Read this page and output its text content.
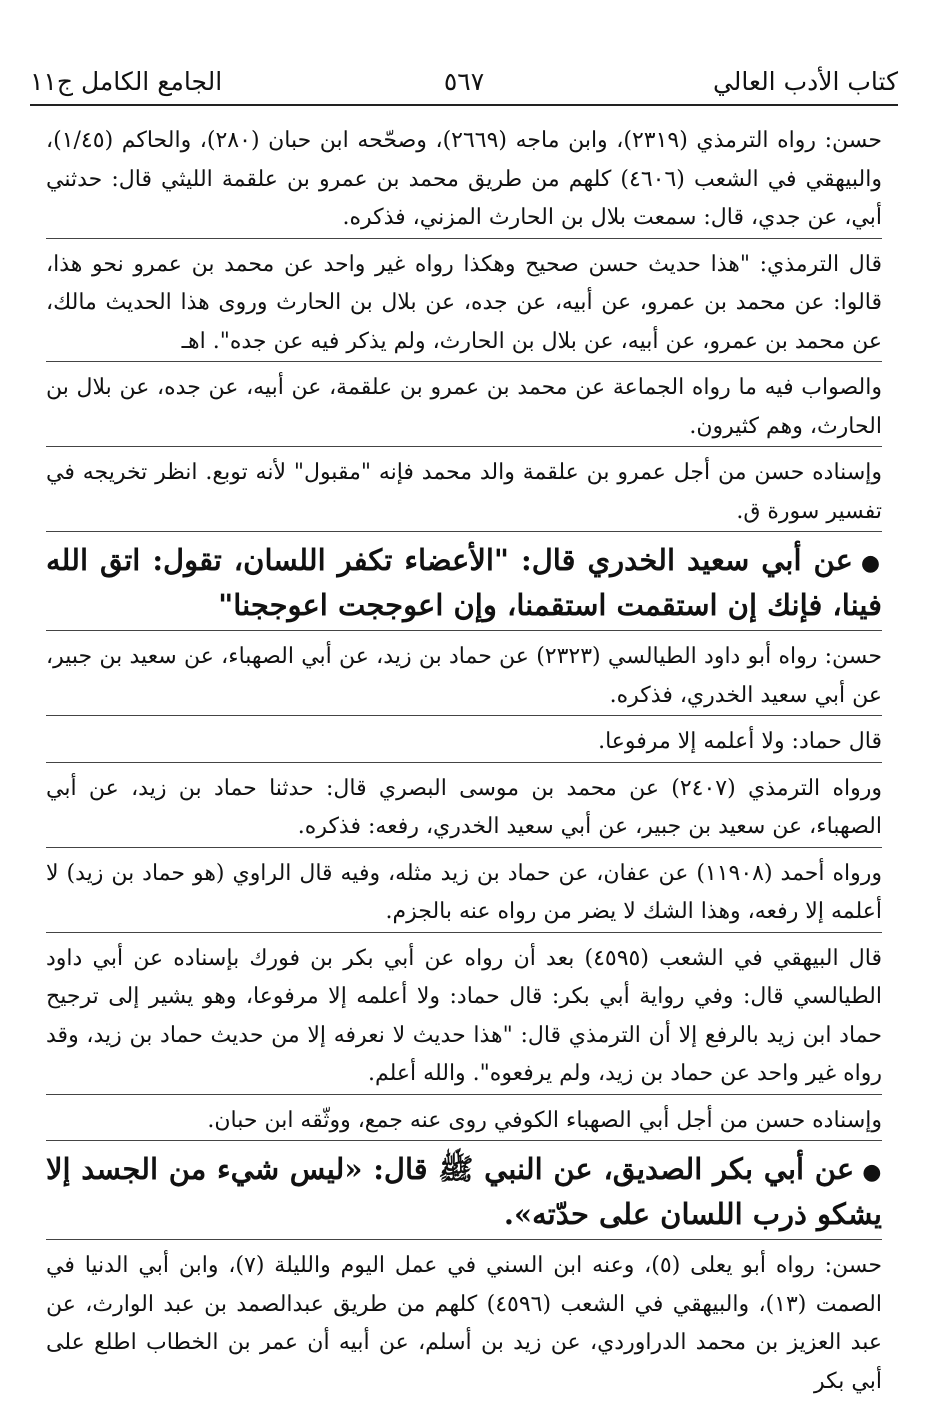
كتاب الأدب العالي
٥٦٧
الجامع الكامل ج١١

حسن: رواه الترمذي (٢٣١٩)، وابن ماجه (٢٦٦٩)، وصحّحه ابن حبان (٢٨٠)، والحاكم (١/٤٥)، والبيهقي في الشعب (٤٦٠٦) كلهم من طريق محمد بن عمرو بن علقمة الليثي قال: حدثني أبي، عن جدي، قال: سمعت بلال بن الحارث المزني، فذكره.

قال الترمذي: "هذا حديث حسن صحيح وهكذا رواه غير واحد عن محمد بن عمرو نحو هذا، قالوا: عن محمد بن عمرو، عن أبيه، عن جده، عن بلال بن الحارث وروى هذا الحديث مالك، عن محمد بن عمرو، عن أبيه، عن بلال بن الحارث، ولم يذكر فيه عن جده". اهـ

والصواب فيه ما رواه الجماعة عن محمد بن عمرو بن علقمة، عن أبيه، عن جده، عن بلال بن الحارث، وهم كثيرون.

وإسناده حسن من أجل عمرو بن علقمة والد محمد فإنه "مقبول" لأنه توبع. انظر تخريجه في تفسير سورة ق.

●عن أبي سعيد الخدري قال: "الأعضاء تكفر اللسان، تقول: اتق الله فينا، فإنك إن استقمت استقمنا، وإن اعوججت اعوججنا"

حسن: رواه أبو داود الطيالسي (٢٣٢٣) عن حماد بن زيد، عن أبي الصهباء، عن سعيد بن جبير، عن أبي سعيد الخدري، فذكره.

قال حماد: ولا أعلمه إلا مرفوعا.

ورواه الترمذي (٢٤٠٧) عن محمد بن موسى البصري قال: حدثنا حماد بن زيد، عن أبي الصهباء، عن سعيد بن جبير، عن أبي سعيد الخدري، رفعه: فذكره.

ورواه أحمد (١١٩٠٨) عن عفان، عن حماد بن زيد مثله، وفيه قال الراوي (هو حماد بن زيد) لا أعلمه إلا رفعه، وهذا الشك لا يضر من رواه عنه بالجزم.

قال البيهقي في الشعب (٤٥٩٥) بعد أن رواه عن أبي بكر بن فورك بإسناده عن أبي داود الطيالسي قال: وفي رواية أبي بكر: قال حماد: ولا أعلمه إلا مرفوعا، وهو يشير إلى ترجيح حماد ابن زيد بالرفع إلا أن الترمذي قال: "هذا حديث لا نعرفه إلا من حديث حماد بن زيد، وقد رواه غير واحد عن حماد بن زيد، ولم يرفعوه". والله أعلم.

وإسناده حسن من أجل أبي الصهباء الكوفي روى عنه جمع، ووثّقه ابن حبان.

●عن أبي بكر الصديق، عن النبي ﷺ قال: «ليس شيء من الجسد إلا يشكو ذرب اللسان على حدّته».

حسن: رواه أبو يعلى (٥)، وعنه ابن السني في عمل اليوم والليلة (٧)، وابن أبي الدنيا في الصمت (١٣)، والبيهقي في الشعب (٤٥٩٦) كلهم من طريق عبدالصمد بن عبد الوارث، عن عبد العزيز بن محمد الدراوردي، عن زيد بن أسلم، عن أبيه أن عمر بن الخطاب اطلع على أبي بكر
